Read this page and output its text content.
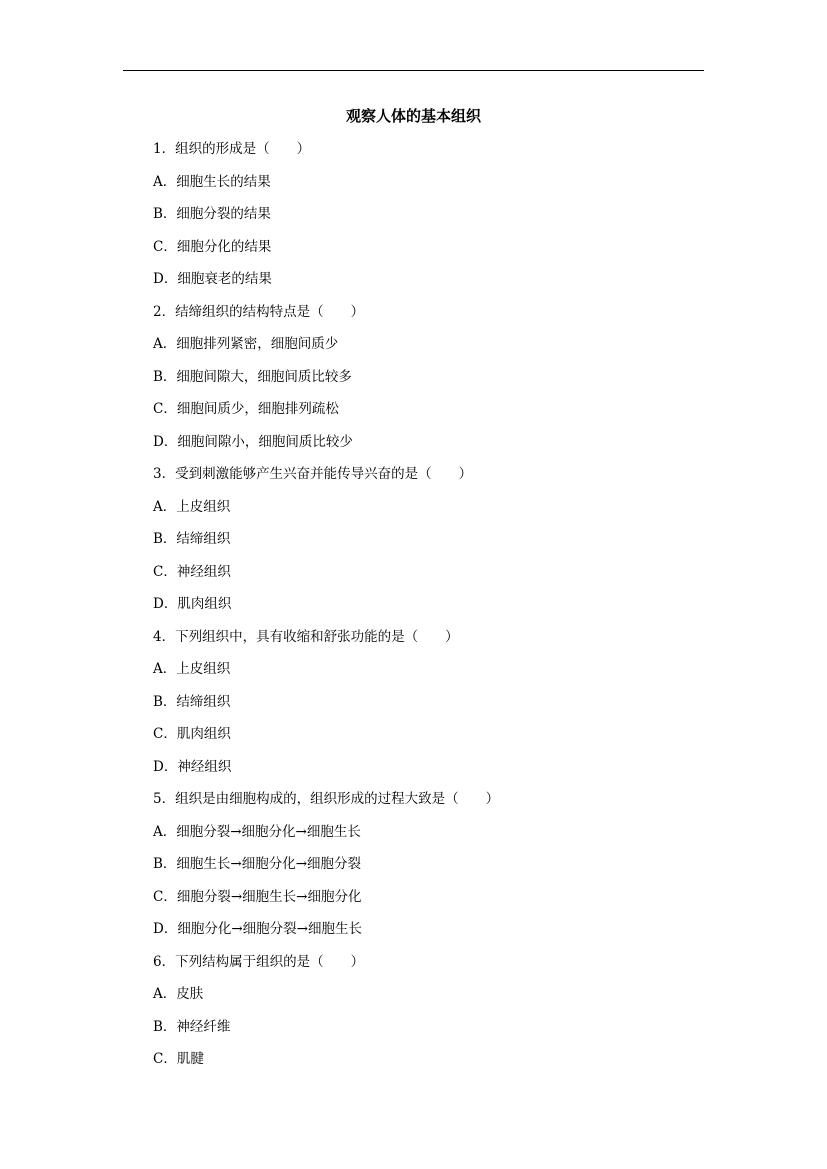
观察人体的基本组织
1．组织的形成是（　　）
A．细胞生长的结果
B．细胞分裂的结果
C．细胞分化的结果
D．细胞衰老的结果
2．结缔组织的结构特点是（　　）
A．细胞排列紧密，细胞间质少
B．细胞间隙大，细胞间质比较多
C．细胞间质少，细胞排列疏松
D．细胞间隙小，细胞间质比较少
3．受到刺激能够产生兴奋并能传导兴奋的是（　　）
A．上皮组织
B．结缔组织
C．神经组织
D．肌肉组织
4．下列组织中，具有收缩和舒张功能的是（　　）
A．上皮组织
B．结缔组织
C．肌肉组织
D．神经组织
5．组织是由细胞构成的，组织形成的过程大致是（　　）
A．细胞分裂→细胞分化→细胞生长
B．细胞生长→细胞分化→细胞分裂
C．细胞分裂→细胞生长→细胞分化
D．细胞分化→细胞分裂→细胞生长
6．下列结构属于组织的是（　　）
A．皮肤
B．神经纤维
C．肌腱
